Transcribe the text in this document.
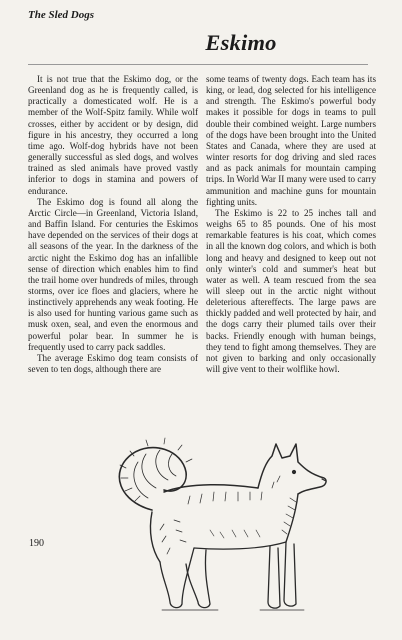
The Sled Dogs
Eskimo

It is not true that the Eskimo dog, or the Greenland dog as he is frequently called, is practically a domesticated wolf. He is a member of the Wolf-Spitz family. While wolf crosses, either by accident or by design, did figure in his ancestry, they occurred a long time ago. Wolf-dog hybrids have not been generally successful as sled dogs, and wolves trained as sled animals have proved vastly inferior to dogs in stamina and powers of endurance.

The Eskimo dog is found all along the Arctic Circle—in Greenland, Victoria Island, and Baffin Island. For centuries the Eskimos have depended on the services of their dogs at all seasons of the year. In the darkness of the arctic night the Eskimo dog has an infallible sense of direction which enables him to find the trail home over hundreds of miles, through storms, over ice floes and glaciers, where he instinctively apprehends any weak footing. He is also used for hunting various game such as musk oxen, seal, and even the enormous and powerful polar bear. In summer he is frequently used to carry pack saddles.

The average Eskimo dog team consists of seven to ten dogs, although there are

some teams of twenty dogs. Each team has its king, or lead, dog selected for his intelligence and strength. The Eskimo's powerful body makes it possible for dogs in teams to pull double their combined weight. Large numbers of the dogs have been brought into the United States and Canada, where they are used at winter resorts for dog driving and sled races and as pack animals for mountain camping trips. In World War II many were used to carry ammunition and machine guns for mountain fighting units.

The Eskimo is 22 to 25 inches tall and weighs 65 to 85 pounds. One of his most remarkable features is his coat, which comes in all the known dog colors, and which is both long and heavy and designed to keep out not only winter's cold and summer's heat but water as well. A team rescued from the sea will sleep out in the arctic night without deleterious aftereffects. The large paws are thickly padded and well protected by hair, and the dogs carry their plumed tails over their backs. Friendly enough with human beings, they tend to fight among themselves. They are not given to barking and only occasionally will give vent to their wolflike howl.

190
